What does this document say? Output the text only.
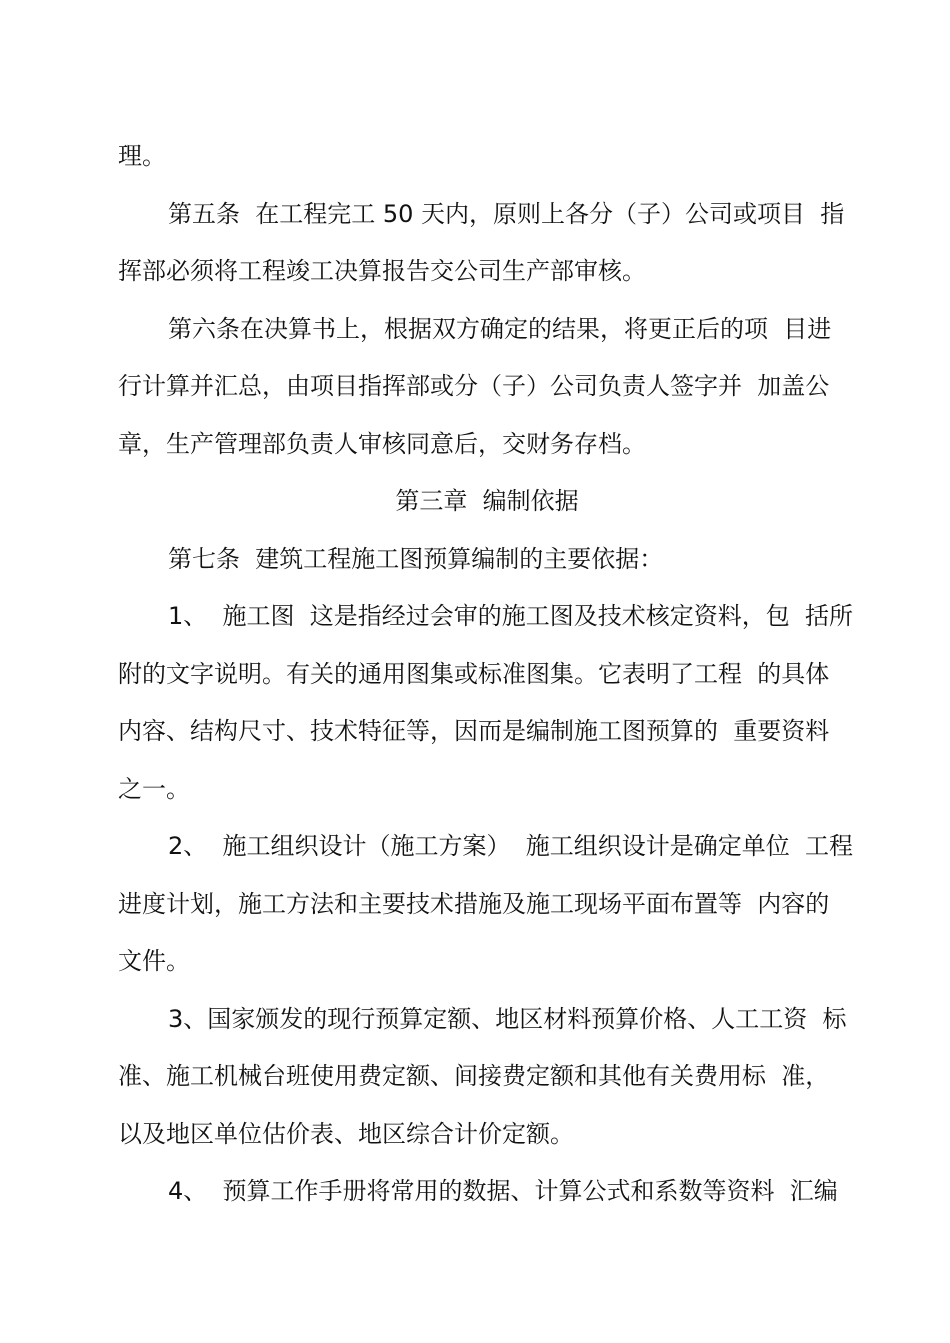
理。
第五条  在工程完工 50 天内，原则上各分（子）公司或项目  指
挥部必须将工程竣工决算报告交公司生产部审核。
第六条在决算书上，根据双方确定的结果，将更正后的项  目进
行计算并汇总，由项目指挥部或分（子）公司负责人签字并  加盖公
章，生产管理部负责人审核同意后，交财务存档。
第三章  编制依据
第七条  建筑工程施工图预算编制的主要依据：
1、  施工图  这是指经过会审的施工图及技术核定资料，包  括所
附的文字说明。有关的通用图集或标准图集。它表明了工程  的具体
内容、结构尺寸、技术特征等，因而是编制施工图预算的  重要资料
之一。
2、  施工组织设计（施工方案）  施工组织设计是确定单位  工程
进度计划，施工方法和主要技术措施及施工现场平面布置等  内容的
文件。
3、国家颁发的现行预算定额、地区材料预算价格、人工工资  标
准、施工机械台班使用费定额、间接费定额和其他有关费用标  准，
以及地区单位估价表、地区综合计价定额。
4、  预算工作手册将常用的数据、计算公式和系数等资料  汇编
